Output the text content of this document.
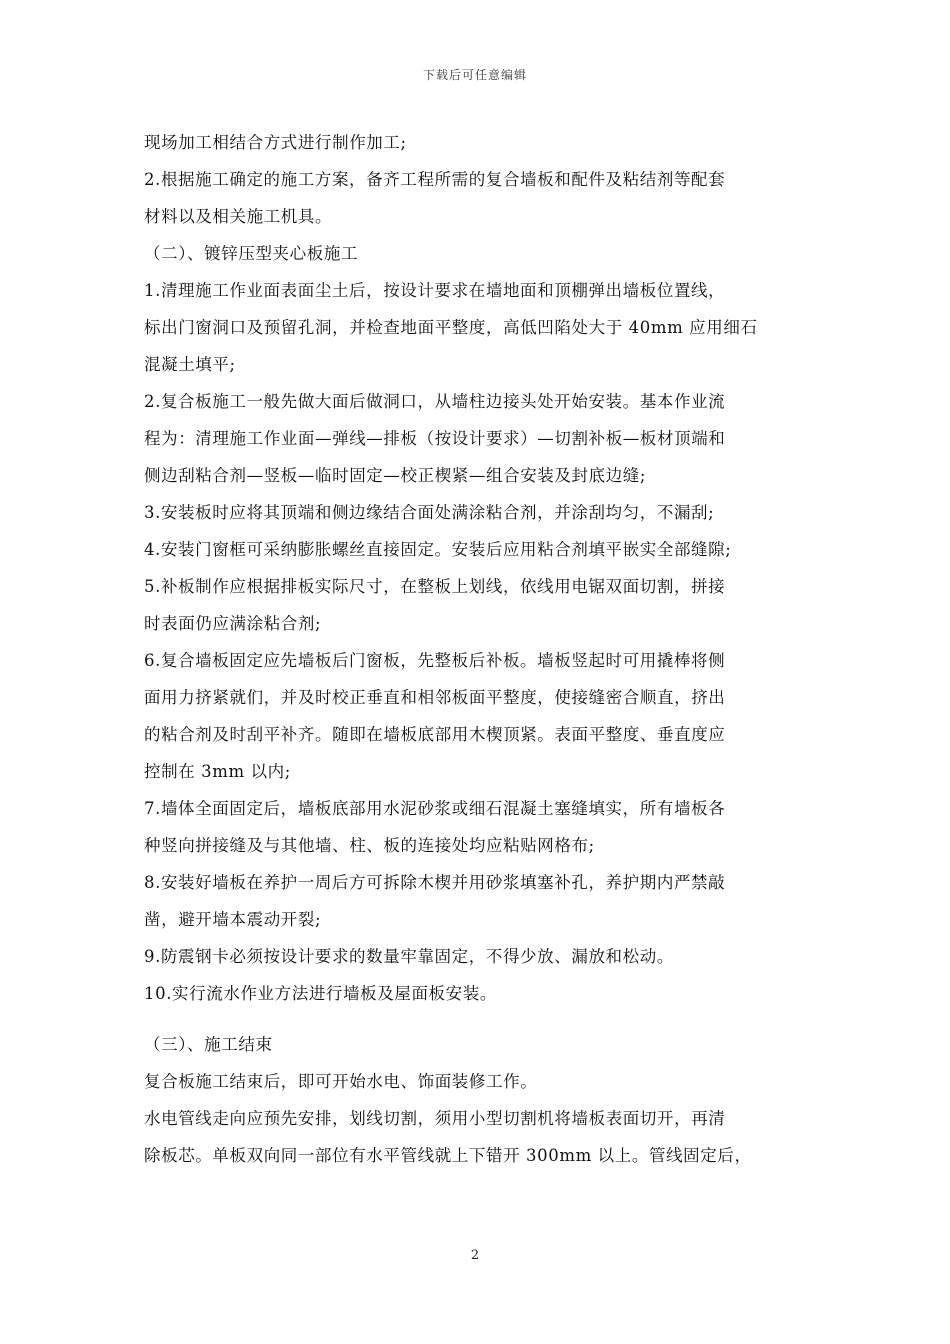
下载后可任意编辑
现场加工相结合方式进行制作加工;
2.根据施工确定的施工方案，备齐工程所需的复合墙板和配件及粘结剂等配套
材料以及相关施工机具。
（二）、镀锌压型夹心板施工
1.清理施工作业面表面尘土后，按设计要求在墙地面和顶棚弹出墙板位置线，
标出门窗洞口及预留孔洞，并检查地面平整度，高低凹陷处大于 40mm 应用细石
混凝土填平;
2.复合板施工一般先做大面后做洞口，从墙柱边接头处开始安装。基本作业流
程为：清理施工作业面—弹线—排板（按设计要求）—切割补板—板材顶端和
侧边刮粘合剂—竖板—临时固定—校正楔紧—组合安装及封底边缝;
3.安装板时应将其顶端和侧边缘结合面处满涂粘合剂，并涂刮均匀，不漏刮;
4.安装门窗框可采纳膨胀螺丝直接固定。安装后应用粘合剂填平嵌实全部缝隙;
5.补板制作应根据排板实际尺寸，在整板上划线，依线用电锯双面切割，拼接
时表面仍应满涂粘合剂;
6.复合墙板固定应先墙板后门窗板，先整板后补板。墙板竖起时可用撬棒将侧
面用力挤紧就们，并及时校正垂直和相邻板面平整度，使接缝密合顺直，挤出
的粘合剂及时刮平补齐。随即在墙板底部用木楔顶紧。表面平整度、垂直度应
控制在 3mm 以内;
7.墙体全面固定后，墙板底部用水泥砂浆或细石混凝土塞缝填实，所有墙板各
种竖向拼接缝及与其他墙、柱、板的连接处均应粘贴网格布;
8.安装好墙板在养护一周后方可拆除木楔并用砂浆填塞补孔，养护期内严禁敲
凿，避开墙本震动开裂;
9.防震钢卡必须按设计要求的数量牢靠固定，不得少放、漏放和松动。
10.实行流水作业方法进行墙板及屋面板安装。
（三）、施工结束
复合板施工结束后，即可开始水电、饰面装修工作。
水电管线走向应预先安排，划线切割，须用小型切割机将墙板表面切开，再清
除板芯。单板双向同一部位有水平管线就上下错开 300mm 以上。管线固定后，
2
